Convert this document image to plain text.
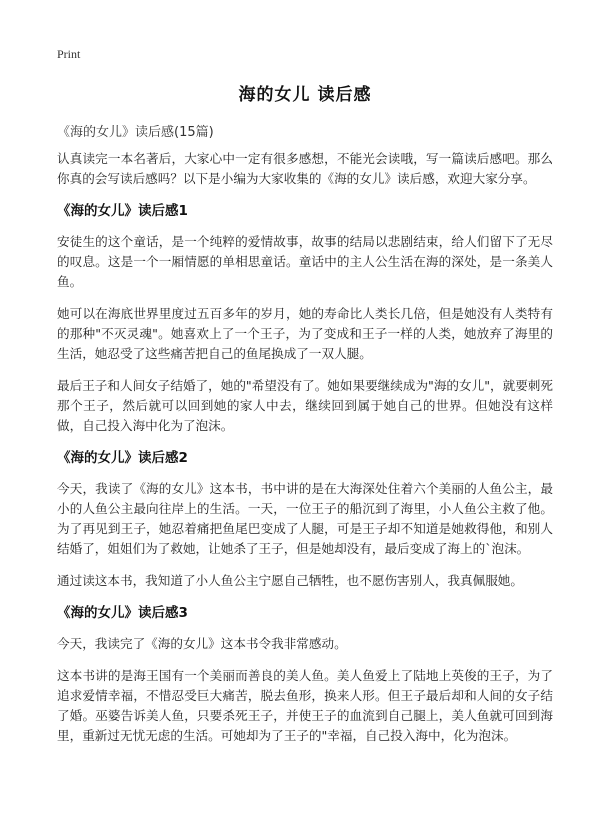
Print
海的女儿 读后感
《海的女儿》读后感(15篇)

认真读完一本名著后，大家心中一定有很多感想，不能光会读哦，写一篇读后感吧。那么你真的会写读后感吗？以下是小编为大家收集的《海的女儿》读后感，欢迎大家分享。

《海的女儿》读后感1

安徒生的这个童话，是一个纯粹的爱情故事，故事的结局以悲剧结束，给人们留下了无尽的叹息。这是一个一厢情愿的单相思童话。童话中的主人公生活在海的深处，是一条美人鱼。

她可以在海底世界里度过五百多年的岁月，她的寿命比人类长几倍，但是她没有人类特有的那种"不灭灵魂"。她喜欢上了一个王子，为了变成和王子一样的人类，她放弃了海里的生活，她忍受了这些痛苦把自己的鱼尾换成了一双人腿。

最后王子和人间女子结婚了，她的"希望没有了。她如果要继续成为"海的女儿"，就要刺死那个王子，然后就可以回到她的家人中去，继续回到属于她自己的世界。但她没有这样做，自己投入海中化为了泡沫。

《海的女儿》读后感2

今天，我读了《海的女儿》这本书，书中讲的是在大海深处住着六个美丽的人鱼公主，最小的人鱼公主最向往岸上的生活。一天，一位王子的船沉到了海里，小人鱼公主救了他。为了再见到王子，她忍着痛把鱼尾巴变成了人腿，可是王子却不知道是她救得他，和别人结婚了，姐姐们为了救她，让她杀了王子，但是她却没有，最后变成了海上的`泡沫。

通过读这本书，我知道了小人鱼公主宁愿自己牺牲，也不愿伤害别人，我真佩服她。

《海的女儿》读后感3

今天，我读完了《海的女儿》这本书令我非常感动。

这本书讲的是海王国有一个美丽而善良的美人鱼。美人鱼爱上了陆地上英俊的王子，为了追求爱情幸福，不惜忍受巨大痛苦，脱去鱼形，换来人形。但王子最后却和人间的女子结了婚。巫婆告诉美人鱼，只要杀死王子，并使王子的血流到自己腿上，美人鱼就可回到海里，重新过无忧无虑的生活。可她却为了王子的"幸福，自己投入海中，化为泡沫。
